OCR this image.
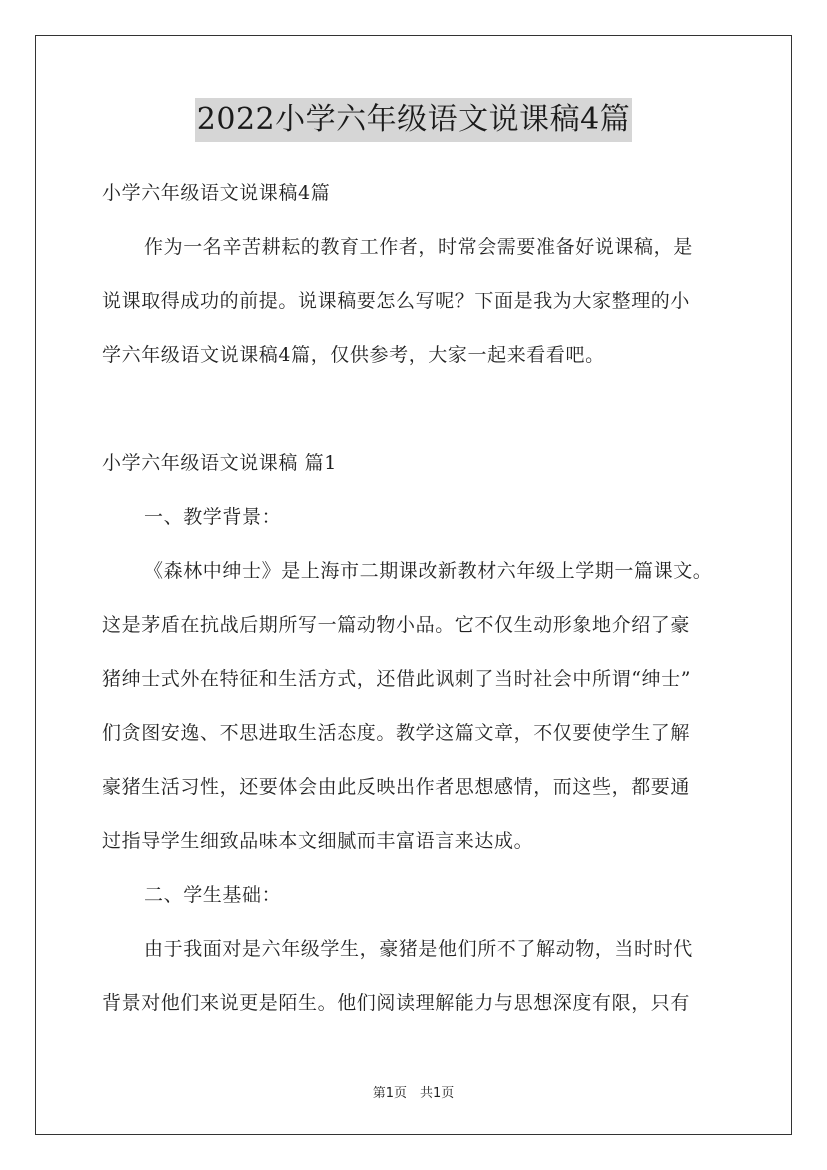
2022小学六年级语文说课稿4篇
小学六年级语文说课稿4篇
作为一名辛苦耕耘的教育工作者，时常会需要准备好说课稿，是
说课取得成功的前提。说课稿要怎么写呢？下面是我为大家整理的小
学六年级语文说课稿4篇，仅供参考，大家一起来看看吧。
小学六年级语文说课稿 篇1
一、教学背景：
《森林中绅士》是上海市二期课改新教材六年级上学期一篇课文。
这是茅盾在抗战后期所写一篇动物小品。它不仅生动形象地介绍了豪
猪绅士式外在特征和生活方式，还借此讽刺了当时社会中所谓“绅士”
们贪图安逸、不思进取生活态度。教学这篇文章，不仅要使学生了解
豪猪生活习性，还要体会由此反映出作者思想感情，而这些，都要通
过指导学生细致品味本文细腻而丰富语言来达成。
二、学生基础：
由于我面对是六年级学生，豪猪是他们所不了解动物，当时时代
背景对他们来说更是陌生。他们阅读理解能力与思想深度有限，只有
第1页　共1页
